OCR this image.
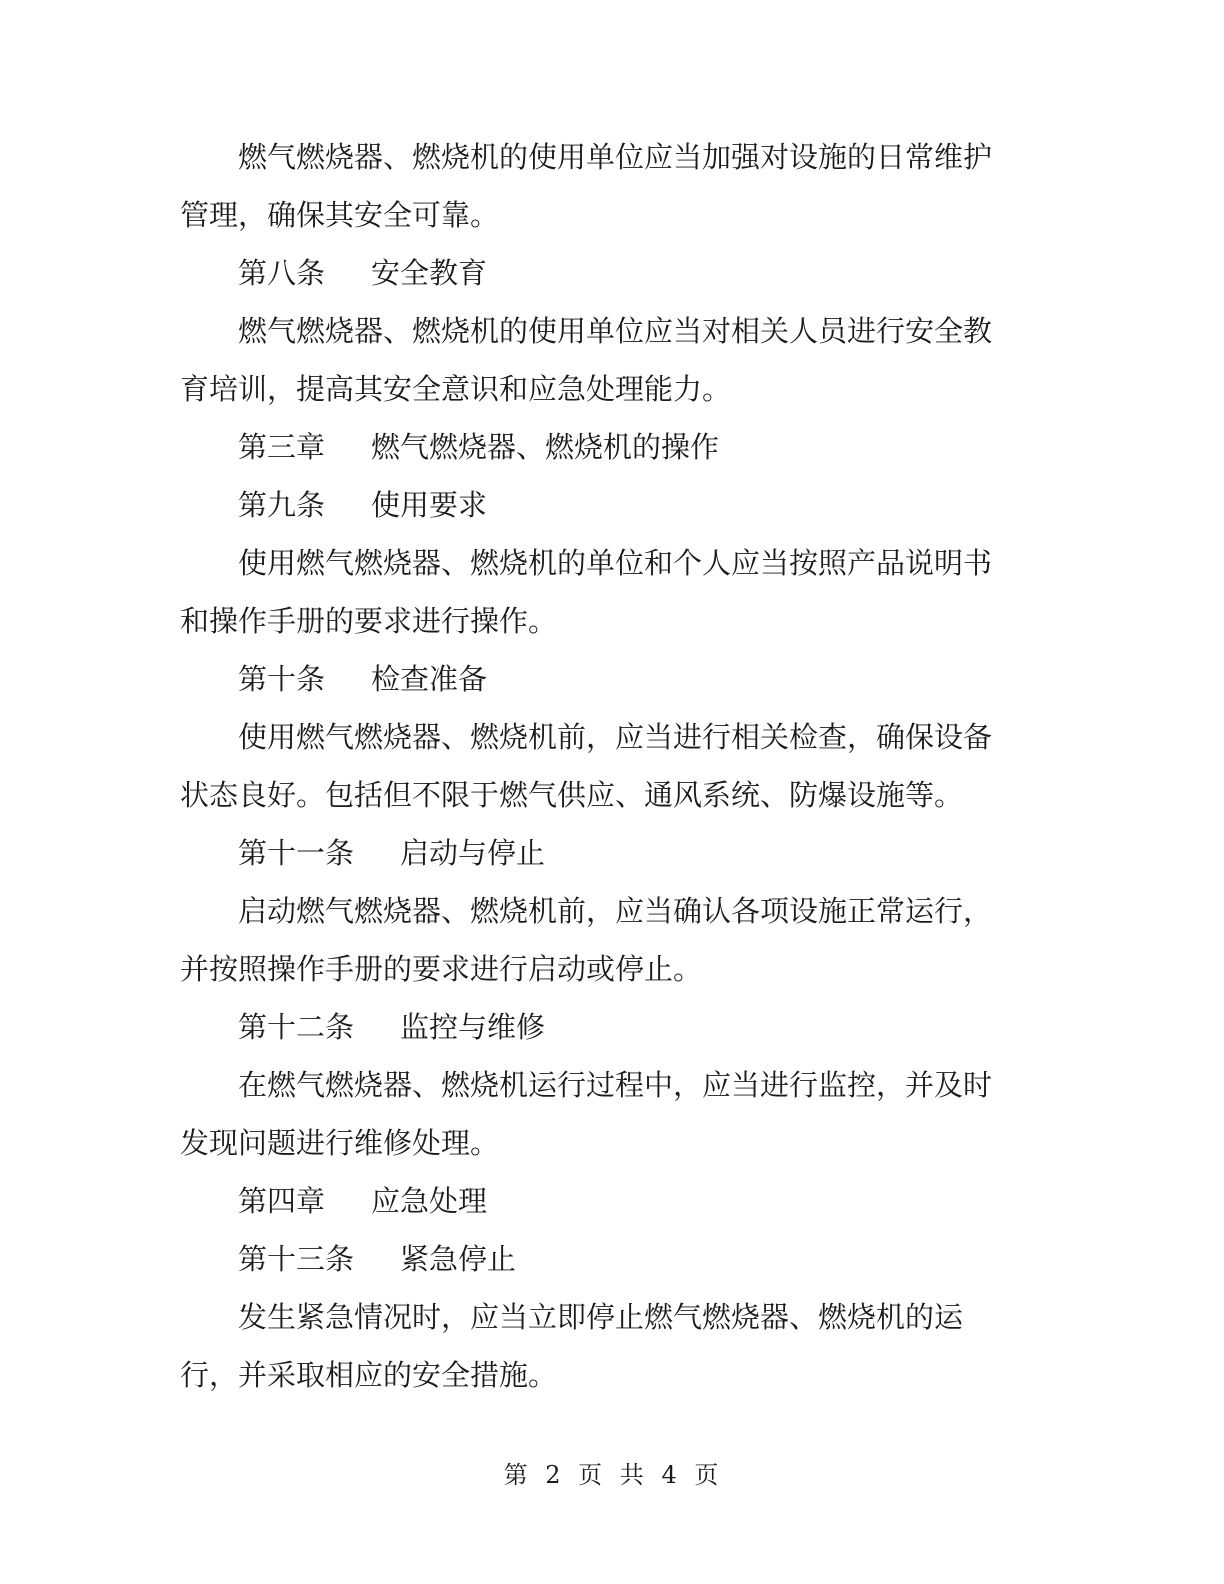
燃气燃烧器、燃烧机的使用单位应当加强对设施的日常维护

管理，确保其安全可靠。

第八条 安全教育

燃气燃烧器、燃烧机的使用单位应当对相关人员进行安全教

育培训，提高其安全意识和应急处理能力。

第三章 燃气燃烧器、燃烧机的操作

第九条 使用要求

使用燃气燃烧器、燃烧机的单位和个人应当按照产品说明书

和操作手册的要求进行操作。

第十条 检查准备

使用燃气燃烧器、燃烧机前，应当进行相关检查，确保设备

状态良好。包括但不限于燃气供应、通风系统、防爆设施等。

第十一条 启动与停止

启动燃气燃烧器、燃烧机前，应当确认各项设施正常运行，

并按照操作手册的要求进行启动或停止。

第十二条 监控与维修

在燃气燃烧器、燃烧机运行过程中，应当进行监控，并及时

发现问题进行维修处理。

第四章 应急处理

第十三条 紧急停止

发生紧急情况时，应当立即停止燃气燃烧器、燃烧机的运

行，并采取相应的安全措施。

第 2 页 共 4 页
